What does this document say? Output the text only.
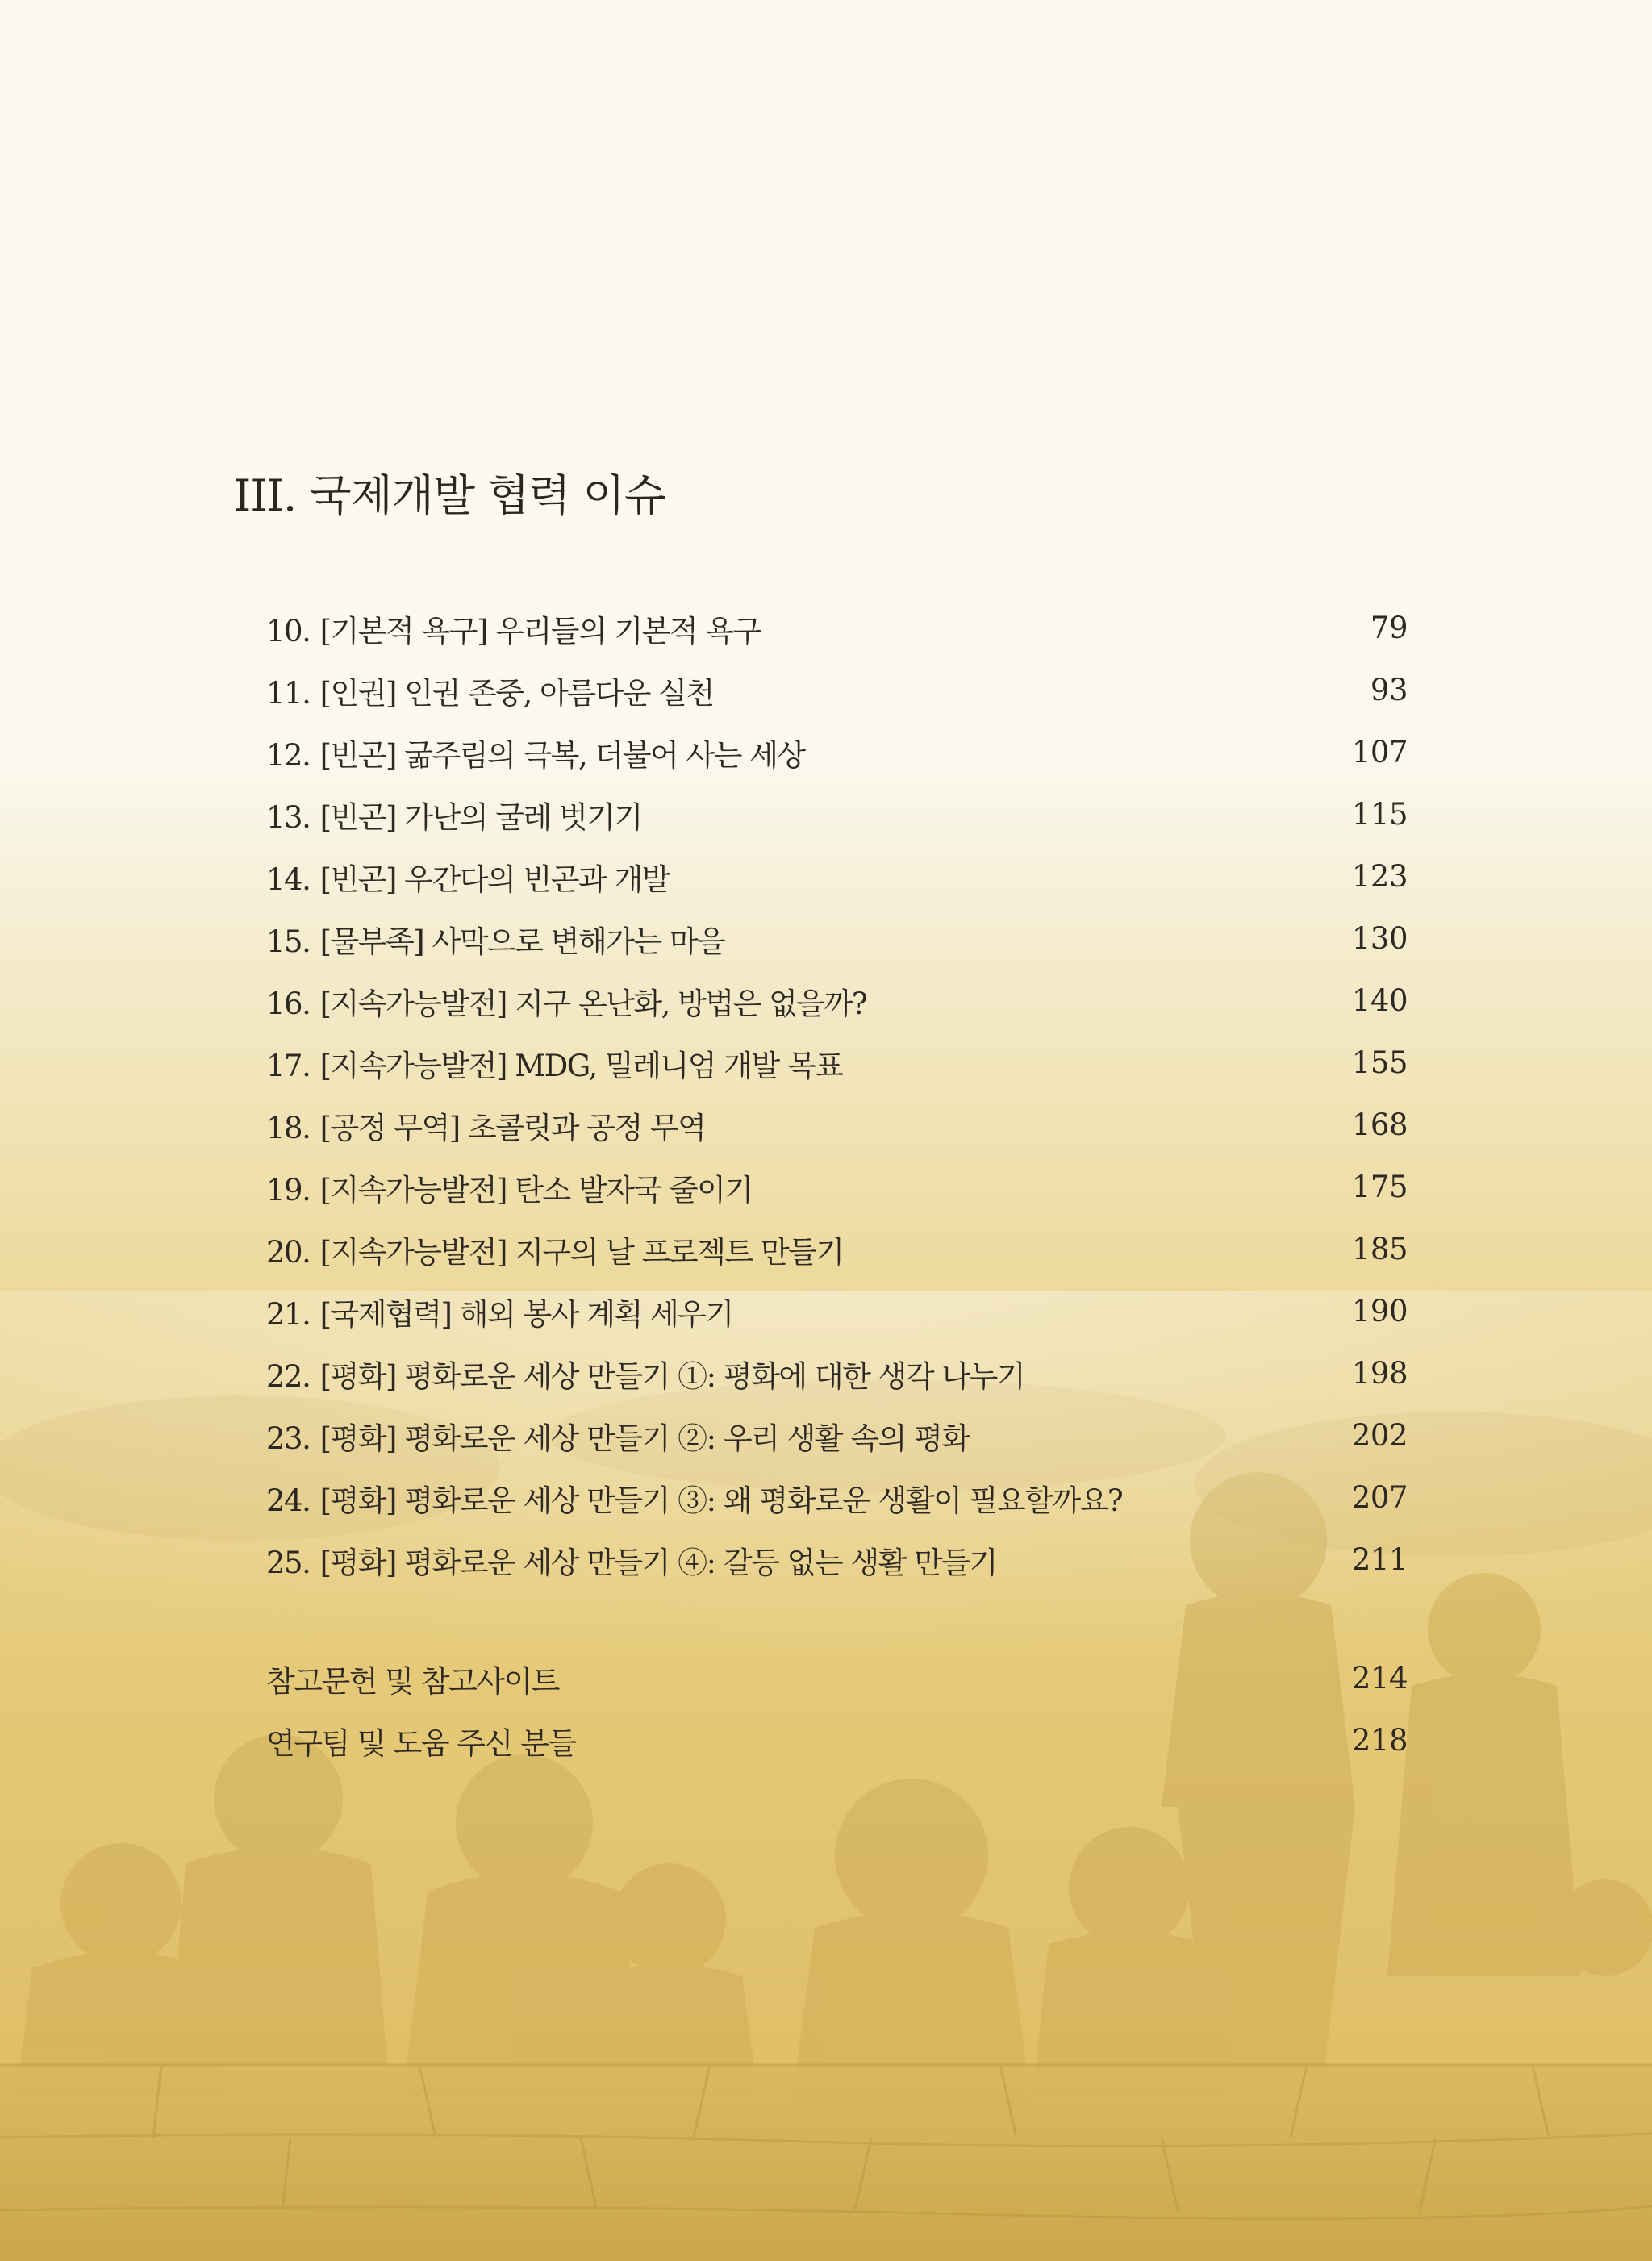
III. 국제개발 협력 이슈
10. [기본적 욕구] 우리들의 기본적 욕구	79
11. [인권] 인권 존중, 아름다운 실천	93
12. [빈곤] 굶주림의 극복, 더불어 사는 세상	107
13. [빈곤] 가난의 굴레 벗기기	115
14. [빈곤] 우간다의 빈곤과 개발	123
15. [물부족] 사막으로 변해가는 마을	130
16. [지속가능발전] 지구 온난화, 방법은 없을까?	140
17. [지속가능발전] MDG, 밀레니엄 개발 목표	155
18. [공정 무역] 초콜릿과 공정 무역	168
19. [지속가능발전] 탄소 발자국 줄이기	175
20. [지속가능발전] 지구의 날 프로젝트 만들기	185
21. [국제협력] 해외 봉사 계획 세우기	190
22. [평화] 평화로운 세상 만들기 ①: 평화에 대한 생각 나누기	198
23. [평화] 평화로운 세상 만들기 ②: 우리 생활 속의 평화	202
24. [평화] 평화로운 세상 만들기 ③: 왜 평화로운 생활이 필요할까요?	207
25. [평화] 평화로운 세상 만들기 ④: 갈등 없는 생활 만들기	211
참고문헌 및 참고사이트	214
연구팀 및 도움 주신 분들	218
